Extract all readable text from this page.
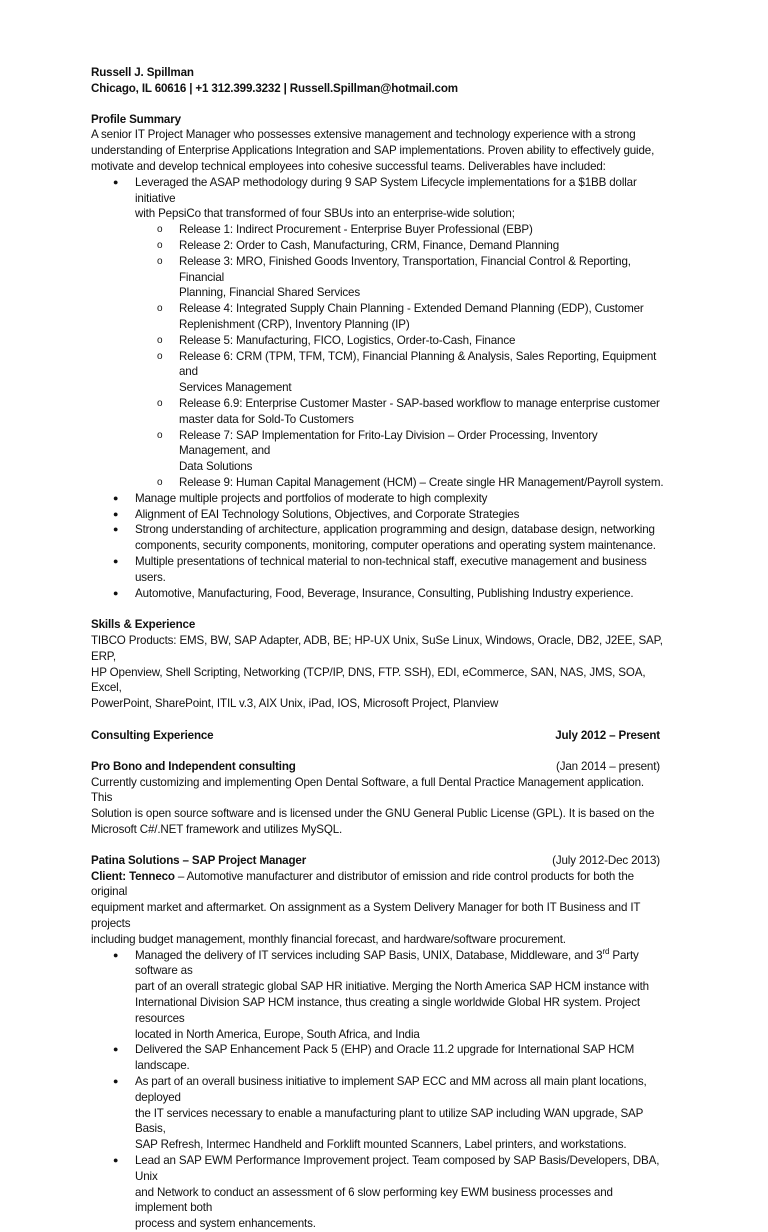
Russell J. Spillman
Chicago, IL 60616 | +1 312.399.3232 | Russell.Spillman@hotmail.com
Profile Summary
A senior IT Project Manager who possesses extensive management and technology experience with a strong
understanding of Enterprise Applications Integration and SAP implementations. Proven ability to effectively guide,
motivate and develop technical employees into cohesive successful teams. Deliverables have included:
● Leveraged the ASAP methodology during 9 SAP System Lifecycle implementations for a $1BB dollar initiative
with PepsiCo that transformed of four SBUs into an enterprise-wide solution;
o Release 1: Indirect Procurement - Enterprise Buyer Professional (EBP)
o Release 2: Order to Cash, Manufacturing, CRM, Finance, Demand Planning
o Release 3: MRO, Finished Goods Inventory, Transportation, Financial Control & Reporting, Financial
Planning, Financial Shared Services
o Release 4: Integrated Supply Chain Planning - Extended Demand Planning (EDP), Customer
Replenishment (CRP), Inventory Planning (IP)
o Release 5: Manufacturing, FICO, Logistics, Order-to-Cash, Finance
o Release 6: CRM (TPM, TFM, TCM), Financial Planning & Analysis, Sales Reporting, Equipment and
Services Management
o Release 6.9: Enterprise Customer Master - SAP-based workflow to manage enterprise customer
master data for Sold-To Customers
o Release 7: SAP Implementation for Frito-Lay Division – Order Processing, Inventory Management, and
Data Solutions
o Release 9: Human Capital Management (HCM) – Create single HR Management/Payroll system.
● Manage multiple projects and portfolios of moderate to high complexity
● Alignment of EAI Technology Solutions, Objectives, and Corporate Strategies
● Strong understanding of architecture, application programming and design, database design, networking
components, security components, monitoring, computer operations and operating system maintenance.
● Multiple presentations of technical material to non-technical staff, executive management and business users.
● Automotive, Manufacturing, Food, Beverage, Insurance, Consulting, Publishing Industry experience.
Skills & Experience
TIBCO Products: EMS, BW, SAP Adapter, ADB, BE; HP-UX Unix, SuSe Linux, Windows, Oracle, DB2, J2EE, SAP, ERP,
HP Openview, Shell Scripting, Networking (TCP/IP, DNS, FTP. SSH), EDI, eCommerce, SAN, NAS, JMS, SOA, Excel,
PowerPoint, SharePoint, ITIL v.3, AIX Unix, iPad, IOS, Microsoft Project, Planview
Consulting Experience	July 2012 – Present
Pro Bono and Independent consulting	(Jan 2014 – present)
Currently customizing and implementing Open Dental Software, a full Dental Practice Management application. This
Solution is open source software and is licensed under the GNU General Public License (GPL). It is based on the
Microsoft C#/.NET framework and utilizes MySQL.
Patina Solutions – SAP Project Manager	(July 2012-Dec 2013)
Client: Tenneco – Automotive manufacturer and distributor of emission and ride control products for both the original
equipment market and aftermarket. On assignment as a System Delivery Manager for both IT Business and IT projects
including budget management, monthly financial forecast, and hardware/software procurement.
● Managed the delivery of IT services including SAP Basis, UNIX, Database, Middleware, and 3rd Party software as
part of an overall strategic global SAP HR initiative. Merging the North America SAP HCM instance with
International Division SAP HCM instance, thus creating a single worldwide Global HR system. Project resources
located in North America, Europe, South Africa, and India
● Delivered the SAP Enhancement Pack 5 (EHP) and Oracle 11.2 upgrade for International SAP HCM landscape.
● As part of an overall business initiative to implement SAP ECC and MM across all main plant locations, deployed
the IT services necessary to enable a manufacturing plant to utilize SAP including WAN upgrade, SAP Basis,
SAP Refresh, Intermec Handheld and Forklift mounted Scanners, Label printers, and workstations.
● Lead an SAP EWM Performance Improvement project. Team composed by SAP Basis/Developers, DBA, Unix
and Network to conduct an assessment of 6 slow performing key EWM business processes and implement both
process and system enhancements.
